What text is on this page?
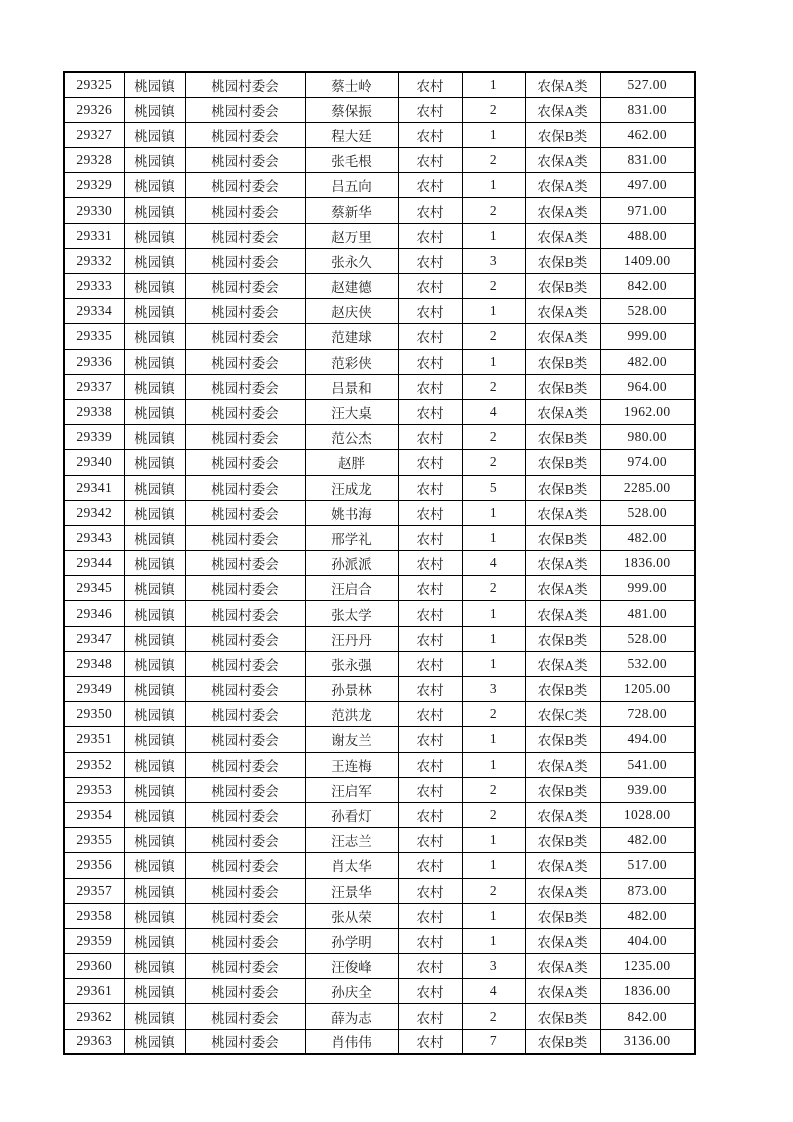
29325	桃园镇	桃园村委会	蔡士岭	农村	1	农保A类	527.00
29326	桃园镇	桃园村委会	蔡保振	农村	2	农保A类	831.00
29327	桃园镇	桃园村委会	程大廷	农村	1	农保B类	462.00
29328	桃园镇	桃园村委会	张毛根	农村	2	农保A类	831.00
29329	桃园镇	桃园村委会	吕五向	农村	1	农保A类	497.00
29330	桃园镇	桃园村委会	蔡新华	农村	2	农保A类	971.00
29331	桃园镇	桃园村委会	赵万里	农村	1	农保A类	488.00
29332	桃园镇	桃园村委会	张永久	农村	3	农保B类	1409.00
29333	桃园镇	桃园村委会	赵建德	农村	2	农保B类	842.00
29334	桃园镇	桃园村委会	赵庆侠	农村	1	农保A类	528.00
29335	桃园镇	桃园村委会	范建球	农村	2	农保A类	999.00
29336	桃园镇	桃园村委会	范彩侠	农村	1	农保B类	482.00
29337	桃园镇	桃园村委会	吕景和	农村	2	农保B类	964.00
29338	桃园镇	桃园村委会	汪大桌	农村	4	农保A类	1962.00
29339	桃园镇	桃园村委会	范公杰	农村	2	农保B类	980.00
29340	桃园镇	桃园村委会	赵胖	农村	2	农保B类	974.00
29341	桃园镇	桃园村委会	汪成龙	农村	5	农保B类	2285.00
29342	桃园镇	桃园村委会	姚书海	农村	1	农保A类	528.00
29343	桃园镇	桃园村委会	邢学礼	农村	1	农保B类	482.00
29344	桃园镇	桃园村委会	孙派派	农村	4	农保A类	1836.00
29345	桃园镇	桃园村委会	汪启合	农村	2	农保A类	999.00
29346	桃园镇	桃园村委会	张太学	农村	1	农保A类	481.00
29347	桃园镇	桃园村委会	汪丹丹	农村	1	农保B类	528.00
29348	桃园镇	桃园村委会	张永强	农村	1	农保A类	532.00
29349	桃园镇	桃园村委会	孙景林	农村	3	农保B类	1205.00
29350	桃园镇	桃园村委会	范洪龙	农村	2	农保C类	728.00
29351	桃园镇	桃园村委会	谢友兰	农村	1	农保B类	494.00
29352	桃园镇	桃园村委会	王连梅	农村	1	农保A类	541.00
29353	桃园镇	桃园村委会	汪启军	农村	2	农保B类	939.00
29354	桃园镇	桃园村委会	孙看灯	农村	2	农保A类	1028.00
29355	桃园镇	桃园村委会	汪志兰	农村	1	农保B类	482.00
29356	桃园镇	桃园村委会	肖太华	农村	1	农保A类	517.00
29357	桃园镇	桃园村委会	汪景华	农村	2	农保A类	873.00
29358	桃园镇	桃园村委会	张从荣	农村	1	农保B类	482.00
29359	桃园镇	桃园村委会	孙学明	农村	1	农保A类	404.00
29360	桃园镇	桃园村委会	汪俊峰	农村	3	农保A类	1235.00
29361	桃园镇	桃园村委会	孙庆全	农村	4	农保A类	1836.00
29362	桃园镇	桃园村委会	薛为志	农村	2	农保B类	842.00
29363	桃园镇	桃园村委会	肖伟伟	农村	7	农保B类	3136.00
